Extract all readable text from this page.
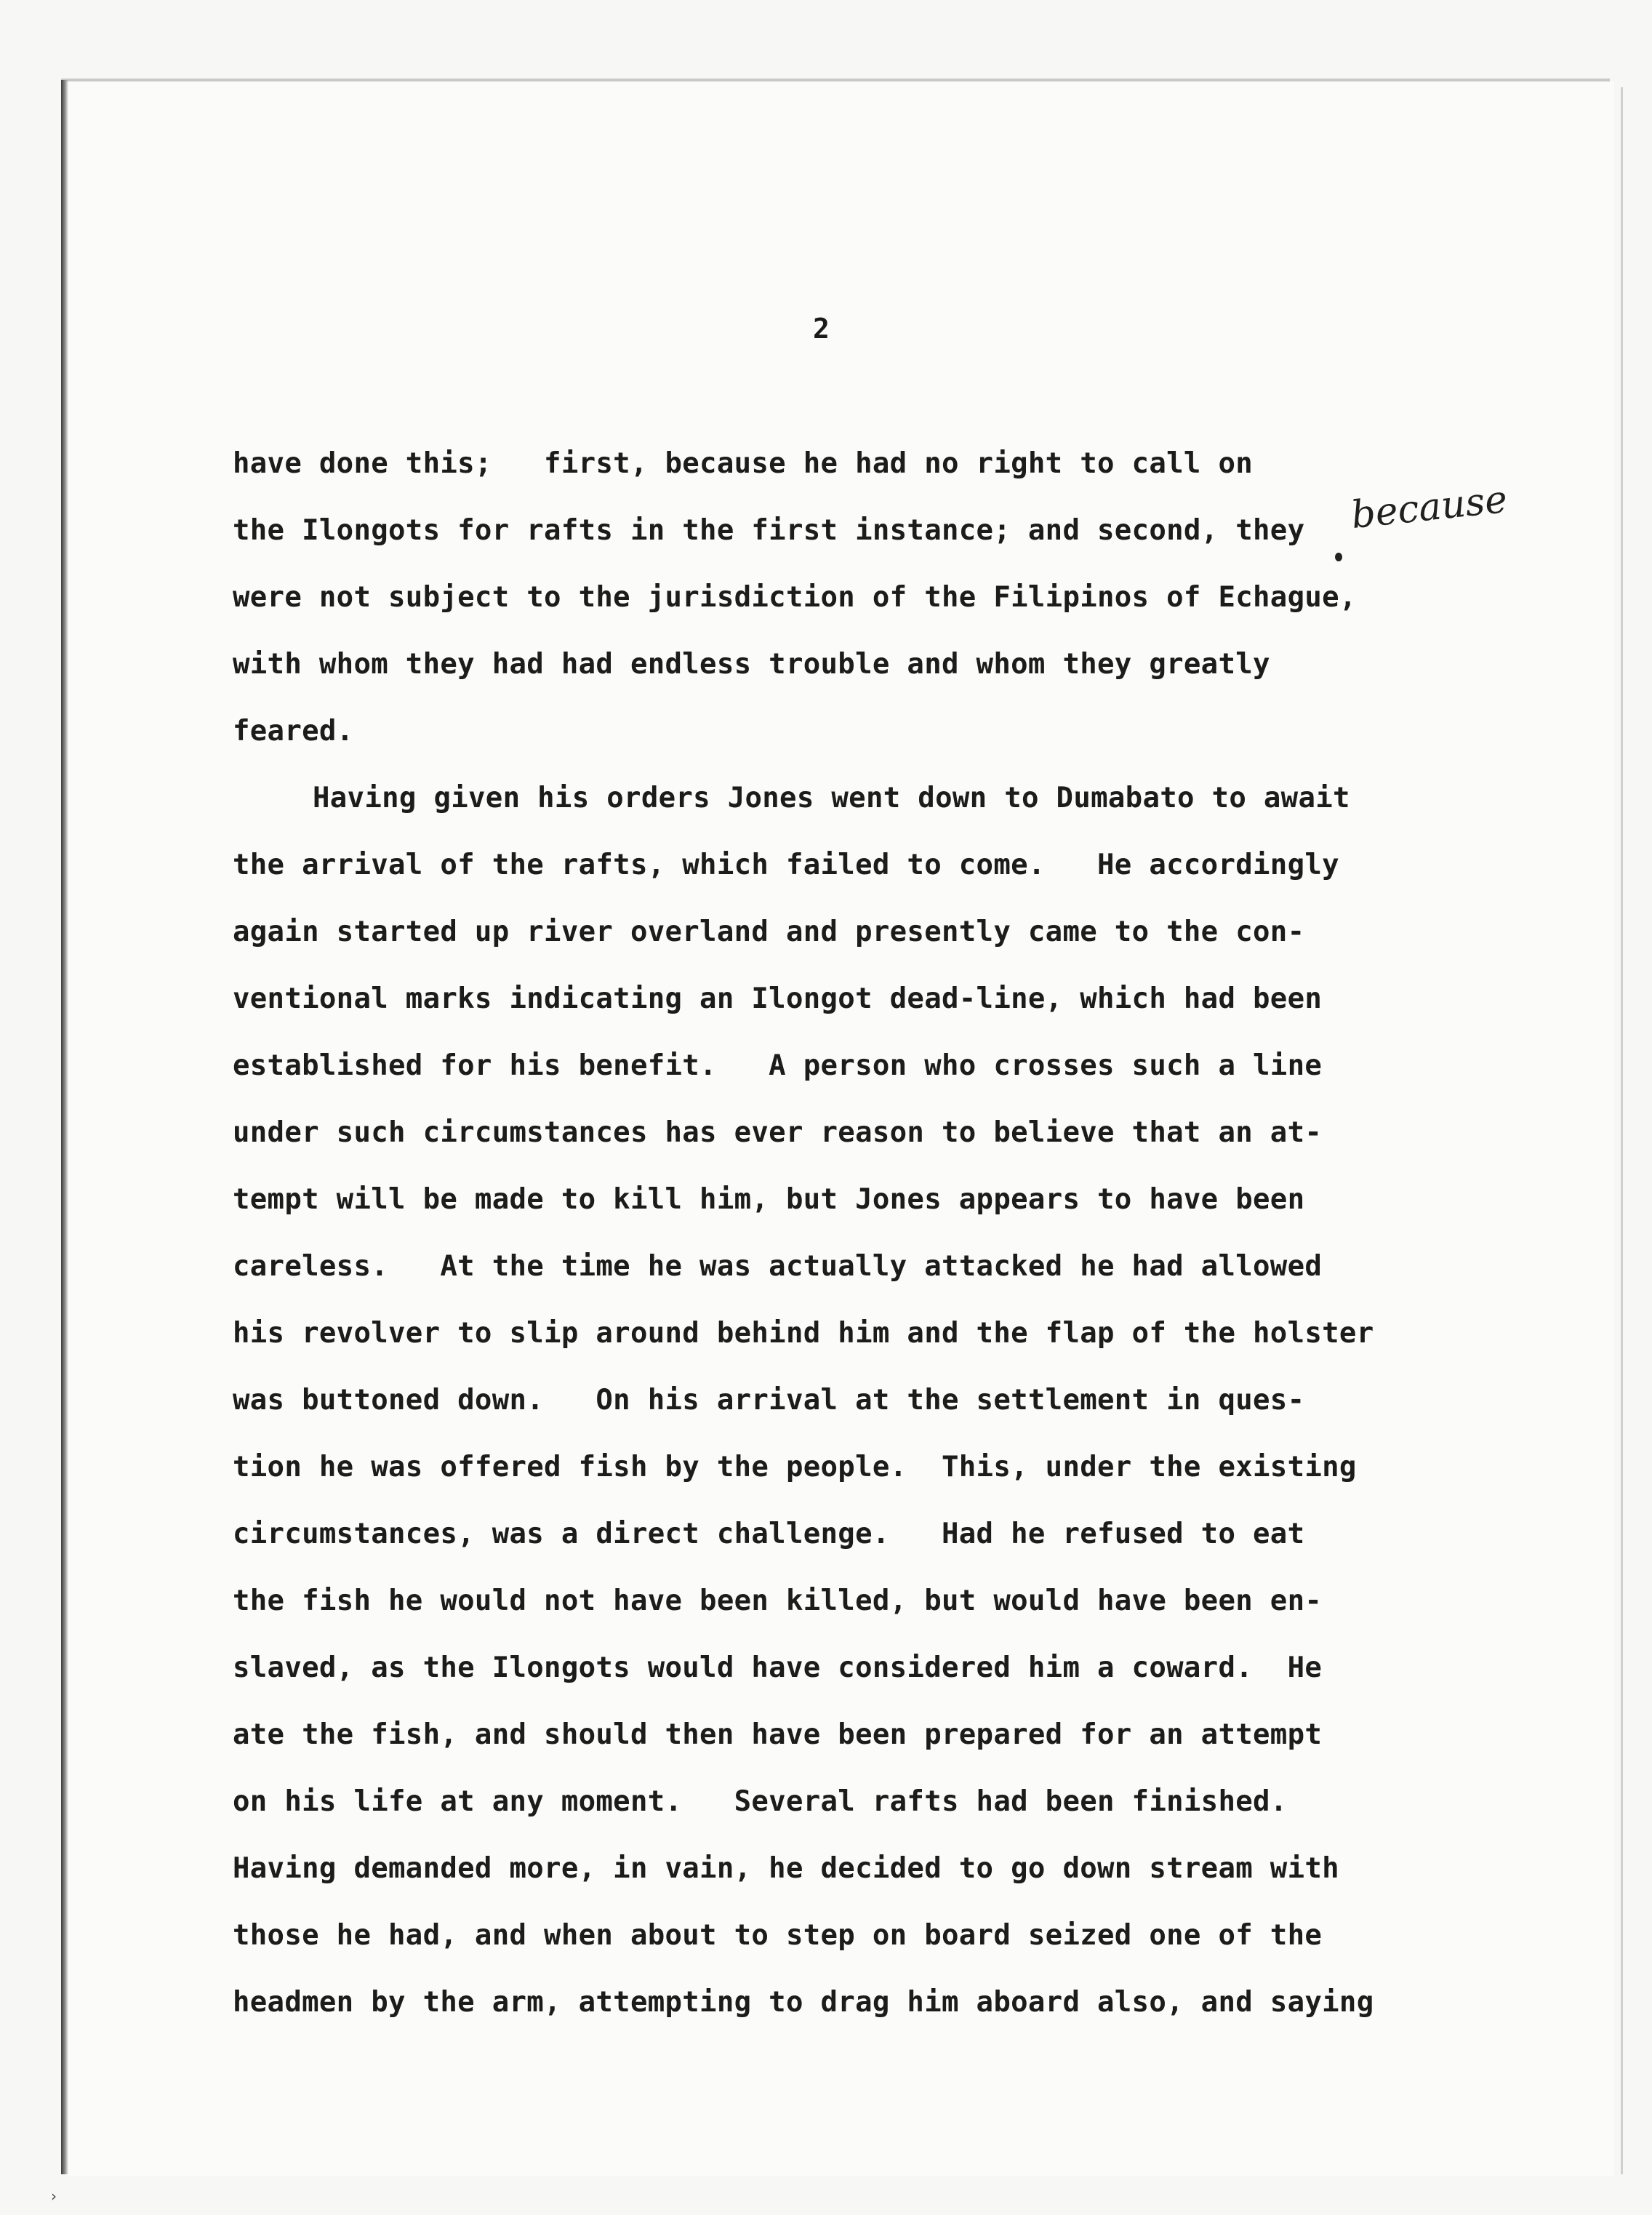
2
because
have done this;   first, because he had no right to call on
the Ilongots for rafts in the first instance; and second, they
were not subject to the jurisdiction of the Filipinos of Echague,
with whom they had had endless trouble and whom they greatly
feared.
Having given his orders Jones went down to Dumabato to await
the arrival of the rafts, which failed to come.   He accordingly
again started up river overland and presently came to the con-
ventional marks indicating an Ilongot dead-line, which had been
established for his benefit.   A person who crosses such a line
under such circumstances has ever reason to believe that an at-
tempt will be made to kill him, but Jones appears to have been
careless.   At the time he was actually attacked he had allowed
his revolver to slip around behind him and the flap of the holster
was buttoned down.   On his arrival at the settlement in ques-
tion he was offered fish by the people.  This, under the existing
circumstances, was a direct challenge.   Had he refused to eat
the fish he would not have been killed, but would have been en-
slaved, as the Ilongots would have considered him a coward.  He
ate the fish, and should then have been prepared for an attempt
on his life at any moment.   Several rafts had been finished.
Having demanded more, in vain, he decided to go down stream with
those he had, and when about to step on board seized one of the
headmen by the arm, attempting to drag him aboard also, and saying
›
